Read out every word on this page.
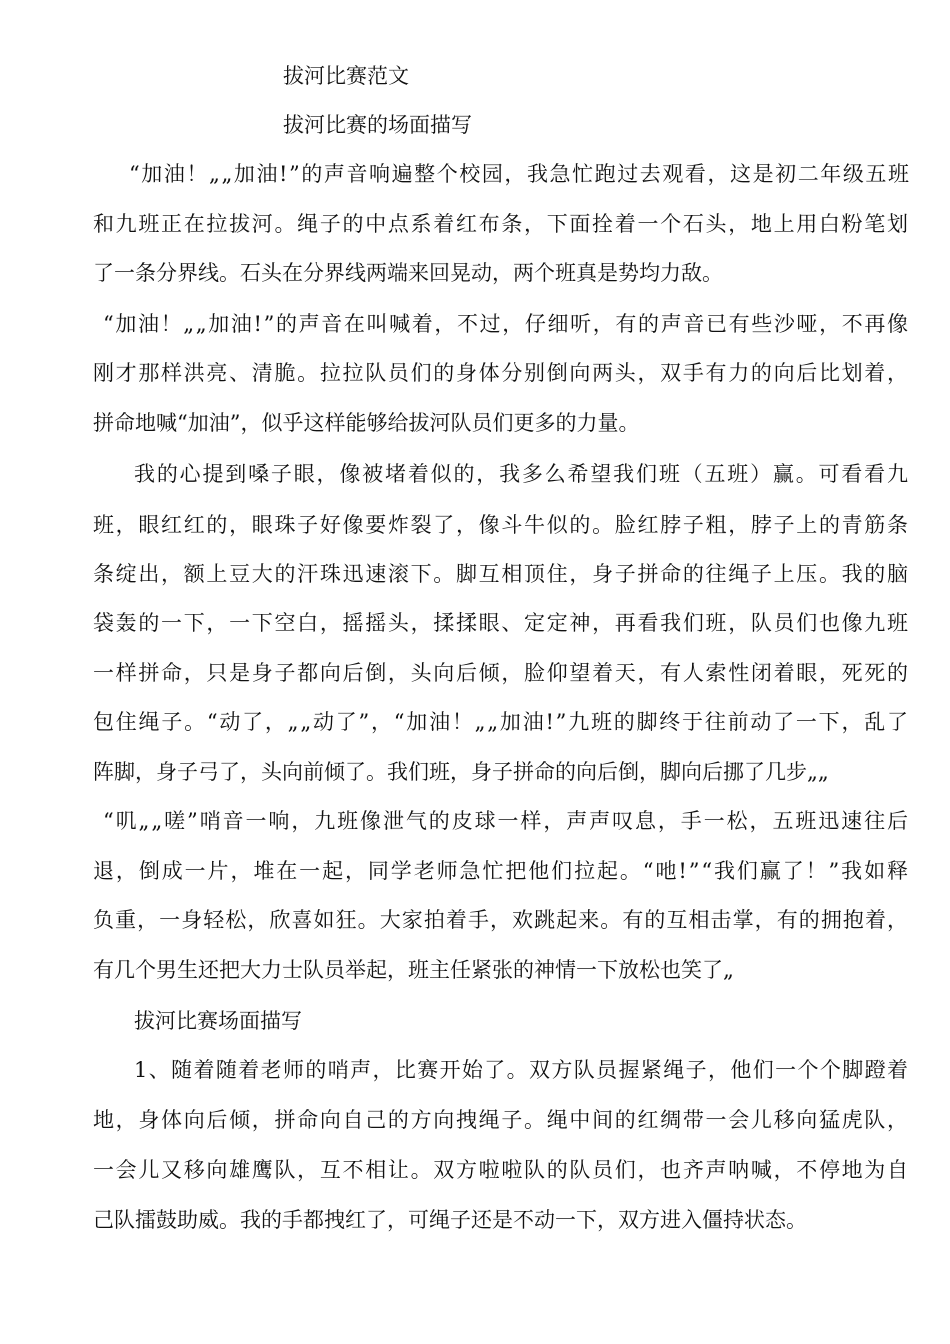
拔河比赛范文
拔河比赛的场面描写
“加油！„„加油!”的声音响遍整个校园，我急忙跑过去观看，这是初二年级五班
和九班正在拉拔河。绳子的中点系着红布条，下面拴着一个石头，地上用白粉笔划
了一条分界线。石头在分界线两端来回晃动，两个班真是势均力敌。
“加油！„„加油!”的声音在叫喊着，不过，仔细听，有的声音已有些沙哑，不再像
刚才那样洪亮、清脆。拉拉队员们的身体分别倒向两头，双手有力的向后比划着，
拼命地喊“加油”，似乎这样能够给拔河队员们更多的力量。
我的心提到嗓子眼，像被堵着似的，我多么希望我们班（五班）赢。可看看九
班，眼红红的，眼珠子好像要炸裂了，像斗牛似的。脸红脖子粗，脖子上的青筋条
条绽出，额上豆大的汗珠迅速滚下。脚互相顶住，身子拼命的往绳子上压。我的脑
袋轰的一下，一下空白，摇摇头，揉揉眼、定定神，再看我们班，队员们也像九班
一样拼命，只是身子都向后倒，头向后倾，脸仰望着天，有人索性闭着眼，死死的
包住绳子。“动了，„„动了”，“加油！„„加油!”九班的脚终于往前动了一下，乱了
阵脚，身子弓了，头向前倾了。我们班，身子拼命的向后倒，脚向后挪了几步„„
“叽„„嗟”哨音一响，九班像泄气的皮球一样，声声叹息，手一松，五班迅速往后
退，倒成一片，堆在一起，同学老师急忙把他们拉起。“吔!”“我们赢了！”我如释
负重，一身轻松，欣喜如狂。大家拍着手，欢跳起来。有的互相击掌，有的拥抱着，
有几个男生还把大力士队员举起，班主任紧张的神情一下放松也笑了„
拔河比赛场面描写
1、随着随着老师的哨声，比赛开始了。双方队员握紧绳子，他们一个个脚蹬着
地，身体向后倾，拼命向自己的方向拽绳子。绳中间的红绸带一会儿移向猛虎队，
一会儿又移向雄鹰队，互不相让。双方啦啦队的队员们，也齐声呐喊，不停地为自
己队擂鼓助威。我的手都拽红了，可绳子还是不动一下，双方进入僵持状态。
